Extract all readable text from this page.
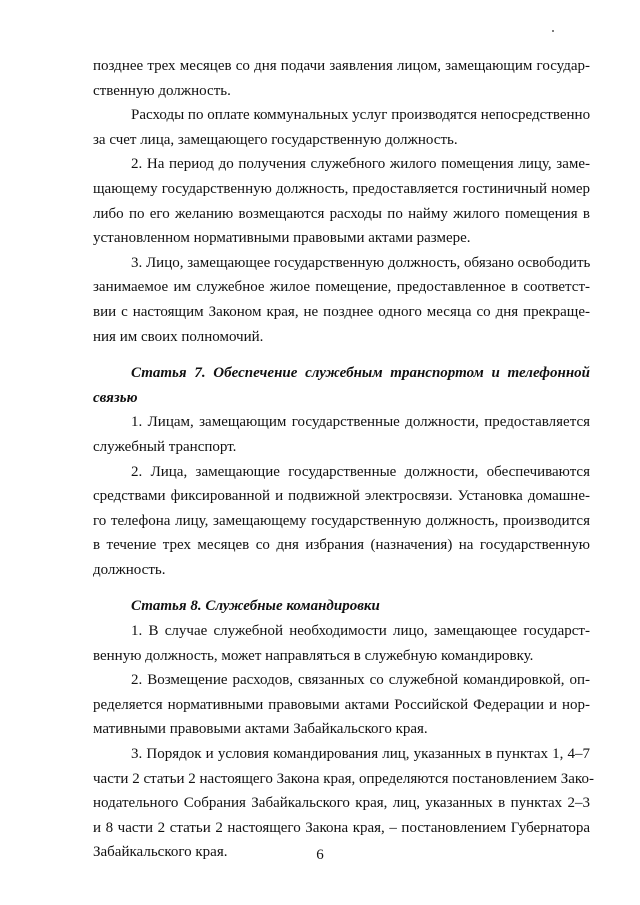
позднее трех месяцев со дня подачи заявления лицом, замещающим государ-
ственную должность.
Расходы по оплате коммунальных услуг производятся непосредственно
за счет лица, замещающего государственную должность.
2. На период до получения служебного жилого помещения лицу, заме-
щающему государственную должность, предоставляется гостиничный номер
либо по его желанию возмещаются расходы по найму жилого помещения в
установленном нормативными правовыми актами размере.
3. Лицо, замещающее государственную должность, обязано освободить
занимаемое им служебное жилое помещение, предоставленное в соответст-
вии с настоящим Законом края, не позднее одного месяца со дня прекраще-
ния им своих полномочий.
Статья 7. Обеспечение служебным транспортом и телефонной
связью
1. Лицам, замещающим государственные должности, предоставляется
служебный транспорт.
2. Лица, замещающие государственные должности, обеспечиваются
средствами фиксированной и подвижной электросвязи. Установка домашне-
го телефона лицу, замещающему государственную должность, производится
в течение трех месяцев со дня избрания (назначения) на государственную
должность.
Статья 8. Служебные командировки
1. В случае служебной необходимости лицо, замещающее государст-
венную должность, может направляться в служебную командировку.
2. Возмещение расходов, связанных со служебной командировкой, оп-
ределяется нормативными правовыми актами Российской Федерации и нор-
мативными правовыми актами Забайкальского края.
3. Порядок и условия командирования лиц, указанных в пунктах 1, 4–7
части 2 статьи 2 настоящего Закона края, определяются постановлением Зако-
нодательного Собрания Забайкальского края, лиц, указанных в пунктах 2–3
и 8 части 2 статьи 2 настоящего Закона края, – постановлением Губернатора
Забайкальского края.	6
